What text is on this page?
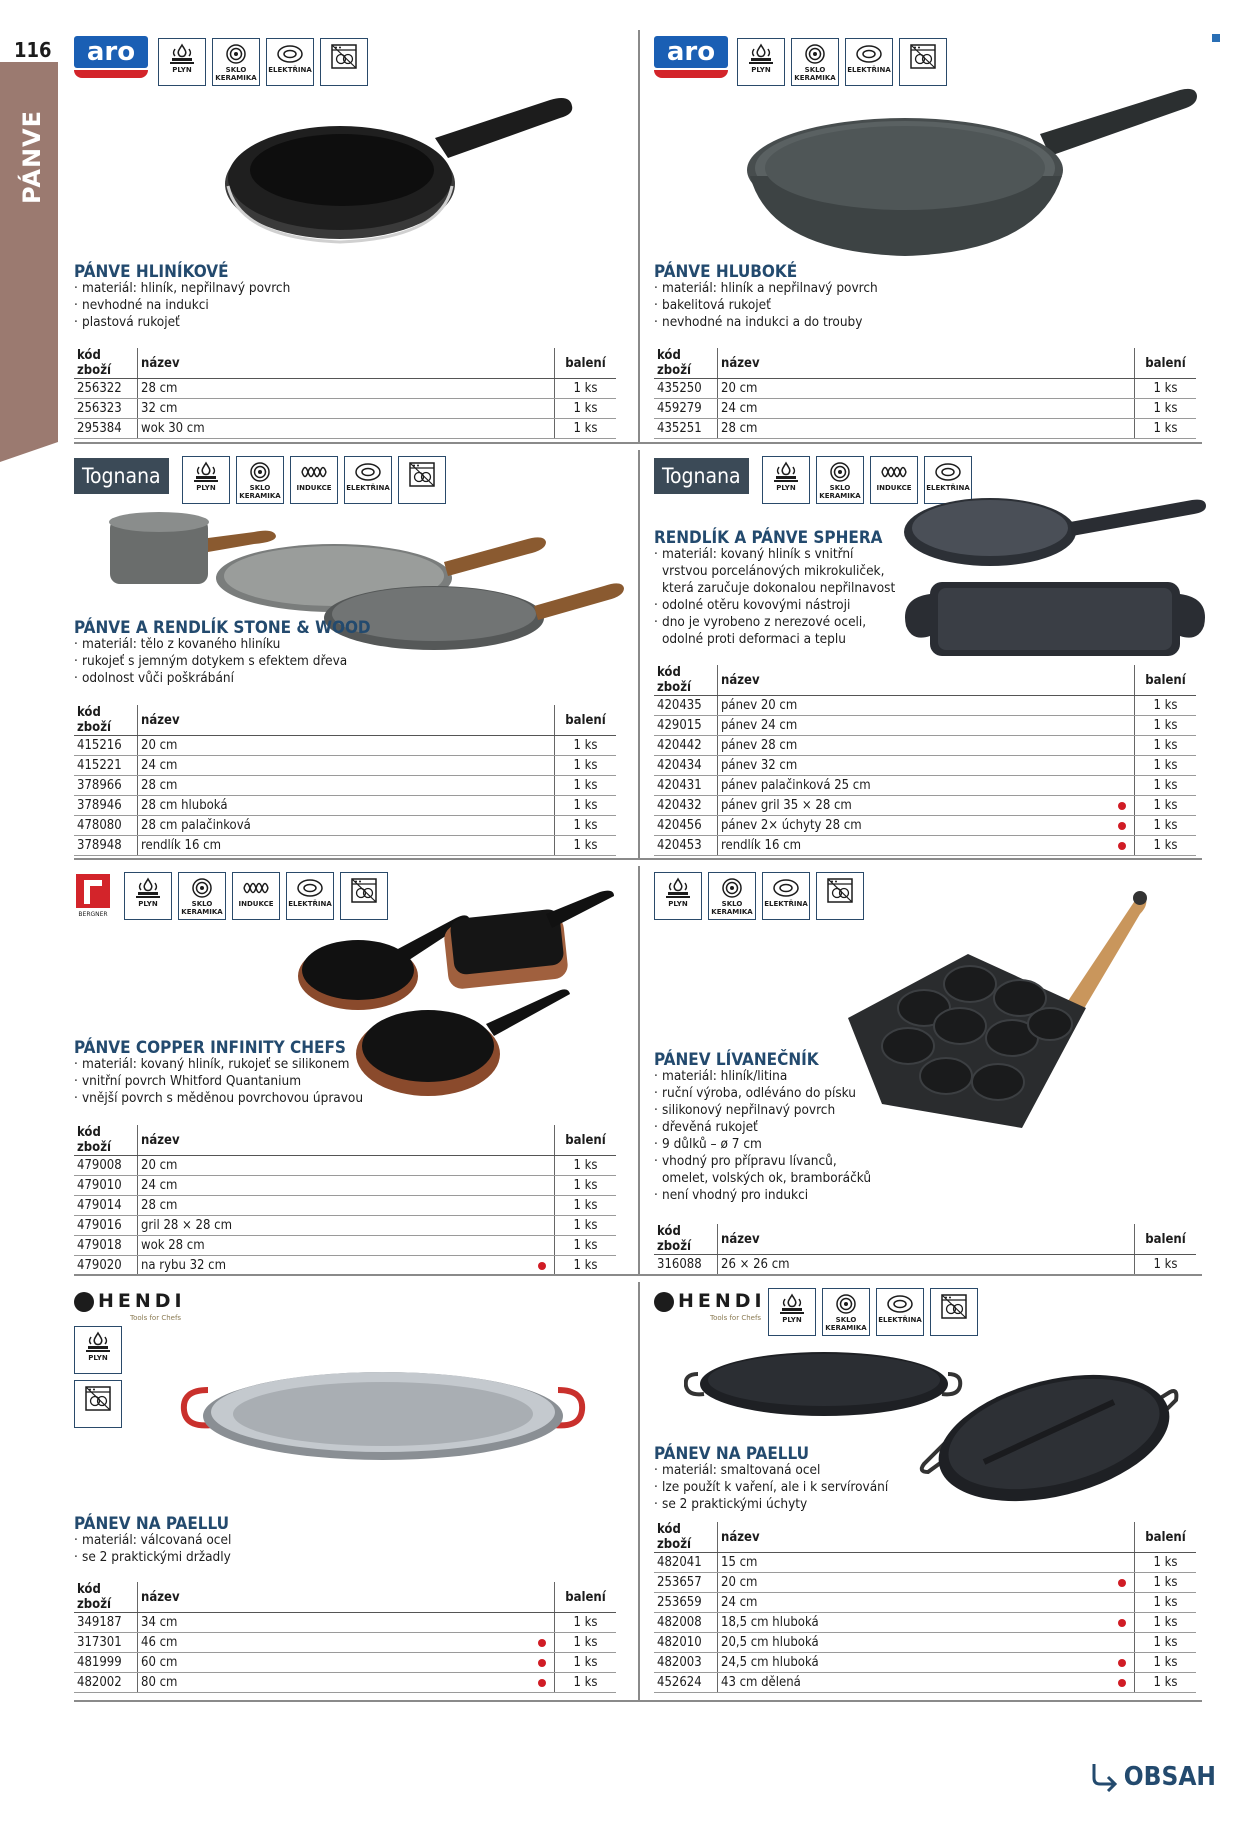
116
PÁNVE
aro
PLYN	SKLO
KERAMIKA
ELEKTŘINA
PÁNVE HLINÍKOVÉ
· materiál: hliník, nepřilnavý povrch
· nevhodné na indukci
· plastová rukojeť
kód zboží	název	balení
256322	28 cm	1 ks
256323	32 cm	1 ks
295384	wok 30 cm	1 ks
aro
PLYN	SKLO
KERAMIKA
ELEKTŘINA
PÁNVE HLUBOKÉ
· materiál: hliník a nepřilnavý povrch
· bakelitová rukojeť
· nevhodné na indukci a do trouby
kód zboží	název	balení
435250	20 cm	1 ks
459279	24 cm	1 ks
435251	28 cm	1 ks
Tognana	PLYN	SKLO
KERAMIKA
INDUKCE ELEKTŘINA
PÁNVE A RENDLÍK STONE & WOOD
· materiál: tělo z kovaného hliníku
· rukojeť s jemným dotykem s efektem dřeva
· odolnost vůči poškrábání
kód zboží	název	balení
415216	20 cm	1 ks
415221	24 cm	1 ks
378966	28 cm	1 ks
378946	28 cm hluboká	1 ks
478080	28 cm palačinková	1 ks
378948	rendlík 16 cm	1 ks
Tognana	PLYN	SKLO
KERAMIKA
INDUKCE ELEKTŘINA
RENDLÍK A PÁNVE SPHERA
· materiál: kovaný hliník s vnitřní
vrstvou porcelánových mikrokuliček,
která zaručuje dokonalou nepřilnavost
· odolné otěru kovovými nástroji
· dno je vyrobeno z nerezové oceli,
odolné proti deformaci a teplu
kód zboží	název	balení
420435	pánev 20 cm	1 ks
429015	pánev 24 cm	1 ks
420442	pánev 28 cm	1 ks
420434	pánev 32 cm	1 ks
420431	pánev palačinková 25 cm	1 ks
420432	pánev gril 35 × 28 cm	1 ks
420456	pánev 2× úchyty 28 cm	1 ks
420453	rendlík 16 cm	1 ks
BERGNER
PLYN	SKLO
KERAMIKA
INDUKCE ELEKTŘINA
PÁNVE COPPER INFINITY CHEFS
· materiál: kovaný hliník, rukojeť se silikonem
· vnitřní povrch Whitford Quantanium
· vnější povrch s měděnou povrchovou úpravou
kód zboží	název	balení
479008	20 cm	1 ks
479010	24 cm	1 ks
479014	28 cm	1 ks
479016	gril 28 × 28 cm	1 ks
479018	wok 28 cm	1 ks
479020	na rybu 32 cm	1 ks
PLYN	SKLO
KERAMIKA
ELEKTŘINA
PÁNEV LÍVANEČNÍK
· materiál: hliník/litina
· ruční výroba, odléváno do písku
· silikonový nepřilnavý povrch
· dřevěná rukojeť
· 9 důlků – ø 7 cm
· vhodný pro přípravu lívanců,
omelet, volských ok, bramboráčků
· není vhodný pro indukci
kód zboží	název	balení
316088	26 × 26 cm	1 ks
HENDI
Tools for Chefs
PLYN
PÁNEV NA PAELLU
· materiál: válcovaná ocel
· se 2 praktickými držadly
kód zboží	název	balení
349187	34 cm	1 ks
317301	46 cm	1 ks
481999	60 cm	1 ks
482002	80 cm	1 ks
HENDI
Tools for Chefs	PLYN	SKLO
KERAMIKA
ELEKTŘINA
PÁNEV NA PAELLU
· materiál: smaltovaná ocel
· lze použít k vaření, ale i k servírování
· se 2 praktickými úchyty
kód zboží	název	balení
482041	15 cm	1 ks
253657	20 cm	1 ks
253659	24 cm	1 ks
482008	18,5 cm hluboká	1 ks
482010	20,5 cm hluboká	1 ks
482003	24,5 cm hluboká	1 ks
452624	43 cm dělená	1 ks
OBSAH
